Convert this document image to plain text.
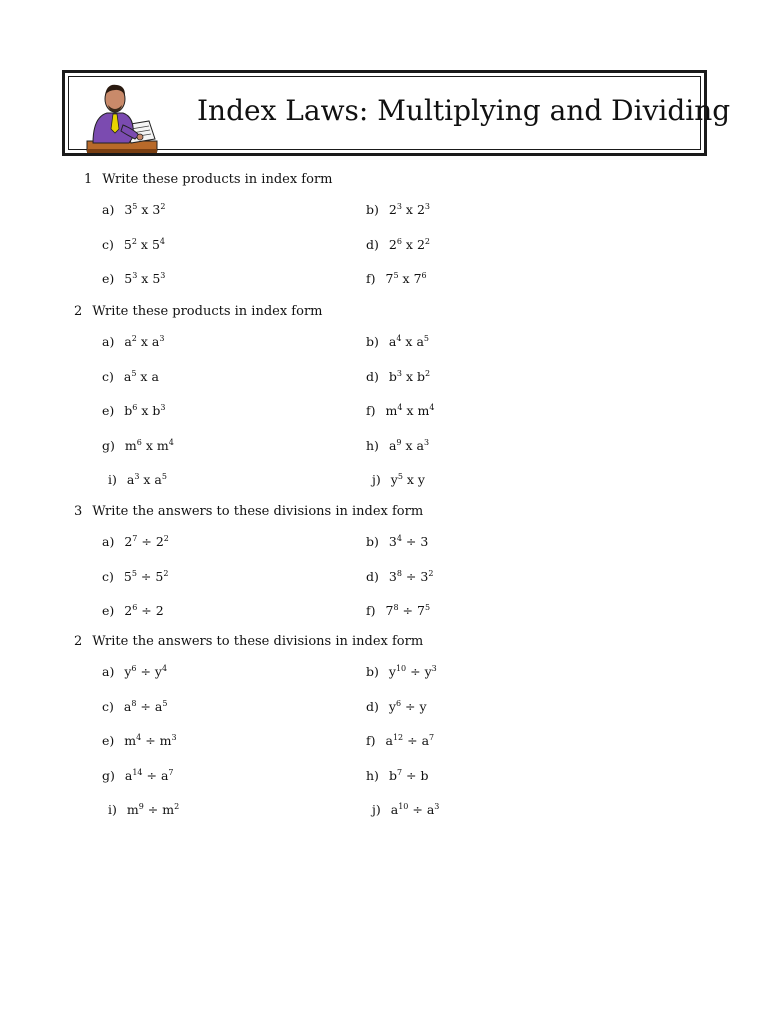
Index Laws: Multiplying and Dividing
1 Write these products in index form
a) $3^5$ x $3^2$	b) $2^3$ x $2^3$
c) $5^2$ x $5^4$	d) $2^6$ x $2^2$
e) $5^3$ x $5^3$	f) $7^5$ x $7^6$
2 Write these products in index form
a) $a^2$ x $a^3$	b) $a^4$ x $a^5$
c) $a^5$ x a	d) $b^3$ x $b^2$
e) $b^6$ x $b^3$	f) $m^4$ x $m^4$
g) $m^6$ x $m^4$	h) $a^9$ x $a^3$
i) $a^3$ x $a^5$	j) $y^5$ x y
3 Write the answers to these divisions in index form
a) $2^7 \div 2^2$	b) $3^4 \div 3$
c) $5^5 \div 5^2$	d) $3^8 \div 3^2$
e) $2^6 \div 2$	f) $7^8 \div 7^5$
2 Write the answers to these divisions in index form
a) $y^6 \div y^4$	b) $y^{10} \div y^3$
c) $a^8 \div a^5$	d) $y^6 \div y$
e) $m^4 \div m^3$	f) $a^{12} \div a^7$
g) $a^{14} \div a^7$	h) $b^7 \div b$
i) $m^9 \div m^2$	j) $a^{10} \div a^3$
